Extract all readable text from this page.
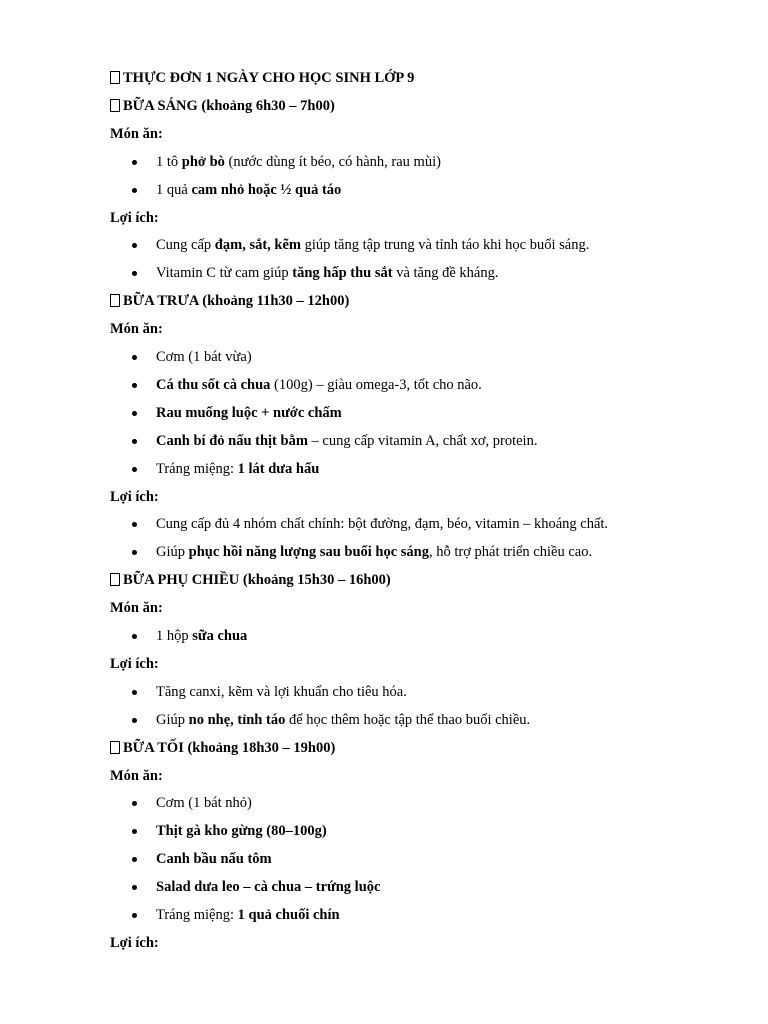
THỰC ĐƠN 1 NGÀY CHO HỌC SINH LỚP 9
BỮA SÁNG (khoảng 6h30 – 7h00)
Món ăn:
1 tô phở bò (nước dùng ít béo, có hành, rau mùi)
1 quả cam nhỏ hoặc ½ quả táo
Lợi ích:
Cung cấp đạm, sắt, kẽm giúp tăng tập trung và tỉnh táo khi học buổi sáng.
Vitamin C từ cam giúp tăng hấp thu sắt và tăng đề kháng.
BỮA TRƯA (khoảng 11h30 – 12h00)
Món ăn:
Cơm (1 bát vừa)
Cá thu sốt cà chua (100g) – giàu omega-3, tốt cho não.
Rau muống luộc + nước chấm
Canh bí đỏ nấu thịt bằm – cung cấp vitamin A, chất xơ, protein.
Tráng miệng: 1 lát dưa hấu
Lợi ích:
Cung cấp đủ 4 nhóm chất chính: bột đường, đạm, béo, vitamin – khoáng chất.
Giúp phục hồi năng lượng sau buổi học sáng, hỗ trợ phát triển chiều cao.
BỮA PHỤ CHIỀU (khoảng 15h30 – 16h00)
Món ăn:
1 hộp sữa chua
Lợi ích:
Tăng canxi, kẽm và lợi khuẩn cho tiêu hóa.
Giúp no nhẹ, tỉnh táo để học thêm hoặc tập thể thao buổi chiều.
BỮA TỐI (khoảng 18h30 – 19h00)
Món ăn:
Cơm (1 bát nhỏ)
Thịt gà kho gừng (80–100g)
Canh bầu nấu tôm
Salad dưa leo – cà chua – trứng luộc
Tráng miệng: 1 quả chuối chín
Lợi ích:
